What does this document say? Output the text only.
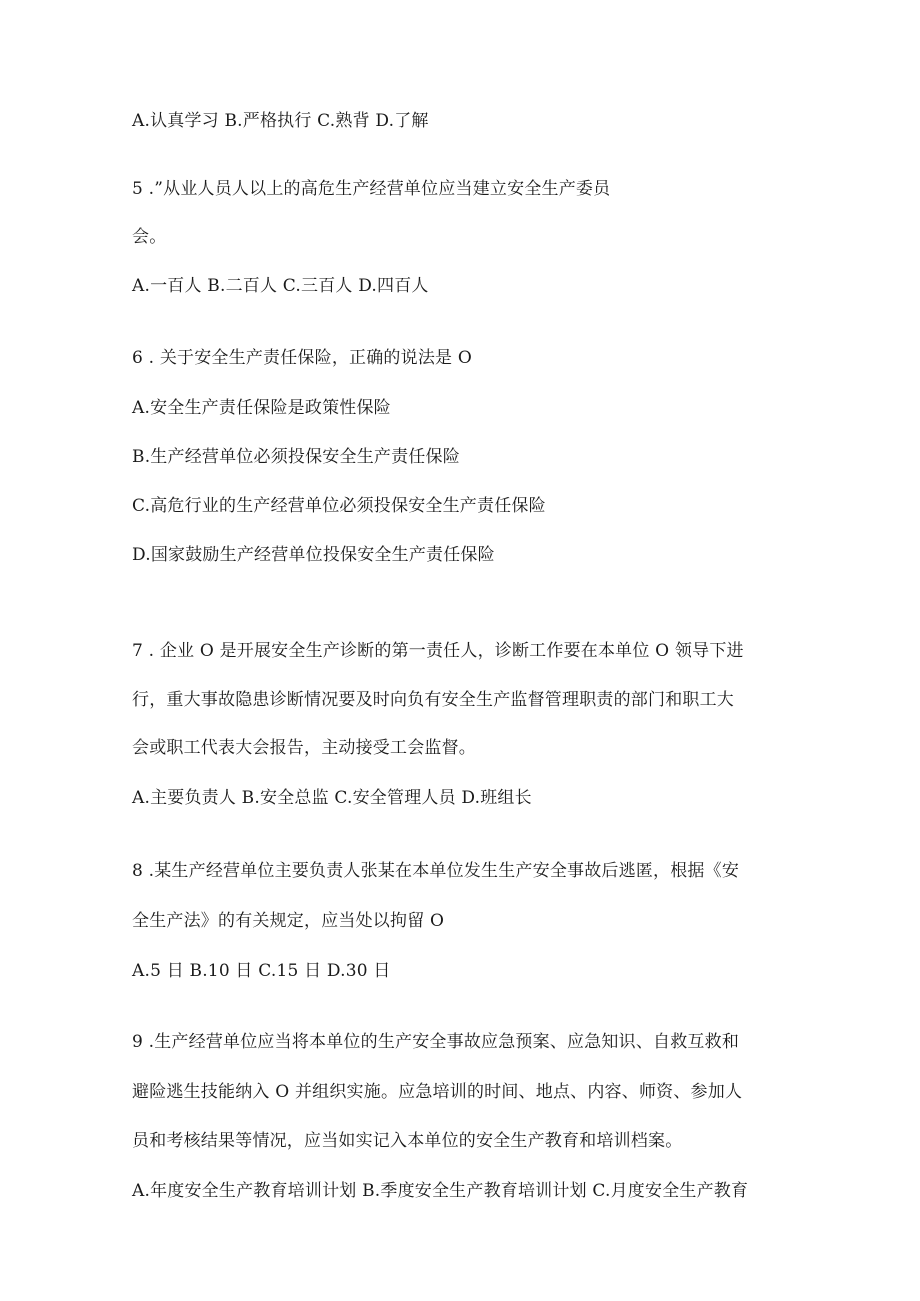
A.认真学习 B.严格执行 C.熟背 D.了解
5 .”从业人员人以上的高危生产经营单位应当建立安全生产委员
会。
A.一百人 B.二百人 C.三百人 D.四百人
6 . 关于安全生产责任保险，正确的说法是 O
A.安全生产责任保险是政策性保险
B.生产经营单位必须投保安全生产责任保险
C.高危行业的生产经营单位必须投保安全生产责任保险
D.国家鼓励生产经营单位投保安全生产责任保险
7 . 企业 O 是开展安全生产诊断的第一责任人，诊断工作要在本单位 O 领导下进
行，重大事故隐患诊断情况要及时向负有安全生产监督管理职责的部门和职工大
会或职工代表大会报告，主动接受工会监督。
A.主要负责人 B.安全总监 C.安全管理人员 D.班组长
8 .某生产经营单位主要负责人张某在本单位发生生产安全事故后逃匿，根据《安
全生产法》的有关规定，应当处以拘留 O
A.5 日 B.10 日 C.15 日 D.30 日
9 .生产经营单位应当将本单位的生产安全事故应急预案、应急知识、自救互救和
避险逃生技能纳入 O 并组织实施。应急培训的时间、地点、内容、师资、参加人
员和考核结果等情况，应当如实记入本单位的安全生产教育和培训档案。
A.年度安全生产教育培训计划 B.季度安全生产教育培训计划 C.月度安全生产教育
